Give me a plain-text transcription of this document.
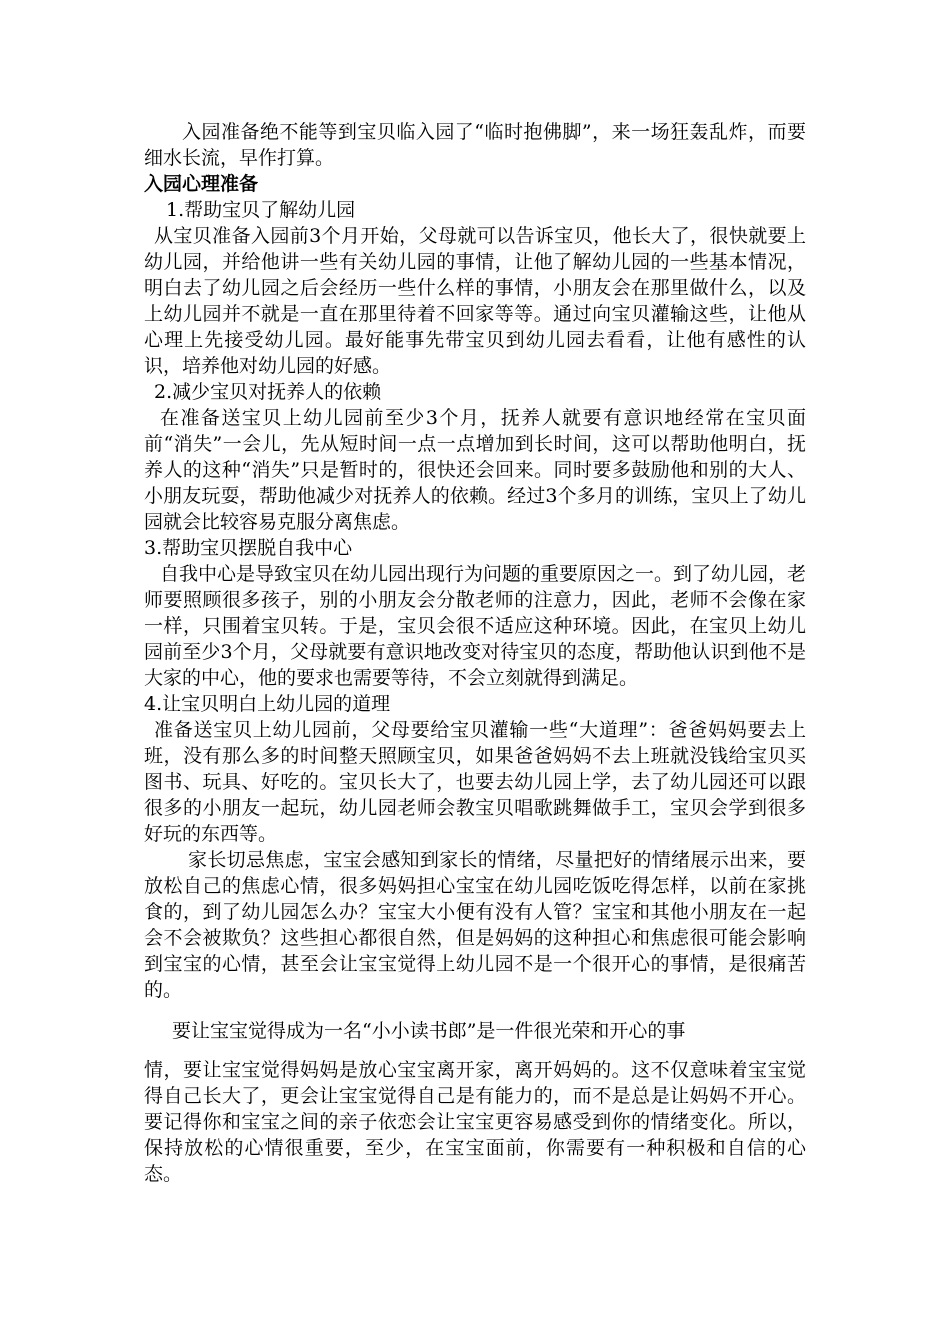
入园准备绝不能等到宝贝临入园了“临时抱佛脚”，来一场狂轰乱炸，而要细水长流，早作打算。

入园心理准备

1.帮助宝贝了解幼儿园

从宝贝准备入园前3个月开始，父母就可以告诉宝贝，他长大了，很快就要上幼儿园，并给他讲一些有关幼儿园的事情，让他了解幼儿园的一些基本情况，明白去了幼儿园之后会经历一些什么样的事情，小朋友会在那里做什么，以及上幼儿园并不就是一直在那里待着不回家等等。通过向宝贝灌输这些，让他从心理上先接受幼儿园。最好能事先带宝贝到幼儿园去看看，让他有感性的认识，培养他对幼儿园的好感。

2.减少宝贝对抚养人的依赖

在准备送宝贝上幼儿园前至少3个月，抚养人就要有意识地经常在宝贝面前“消失”一会儿，先从短时间一点一点增加到长时间，这可以帮助他明白，抚养人的这种“消失”只是暂时的，很快还会回来。同时要多鼓励他和别的大人、小朋友玩耍，帮助他减少对抚养人的依赖。经过3个多月的训练，宝贝上了幼儿园就会比较容易克服分离焦虑。

3.帮助宝贝摆脱自我中心

自我中心是导致宝贝在幼儿园出现行为问题的重要原因之一。到了幼儿园，老师要照顾很多孩子，别的小朋友会分散老师的注意力，因此，老师不会像在家一样，只围着宝贝转。于是，宝贝会很不适应这种环境。因此，在宝贝上幼儿园前至少3个月，父母就要有意识地改变对待宝贝的态度，帮助他认识到他不是大家的中心，他的要求也需要等待，不会立刻就得到满足。

4.让宝贝明白上幼儿园的道理

准备送宝贝上幼儿园前，父母要给宝贝灌输一些“大道理”：爸爸妈妈要去上班，没有那么多的时间整天照顾宝贝，如果爸爸妈妈不去上班就没钱给宝贝买图书、玩具、好吃的。宝贝长大了，也要去幼儿园上学，去了幼儿园还可以跟很多的小朋友一起玩，幼儿园老师会教宝贝唱歌跳舞做手工，宝贝会学到很多好玩的东西等。

家长切忌焦虑，宝宝会感知到家长的情绪，尽量把好的情绪展示出来，要放松自己的焦虑心情，很多妈妈担心宝宝在幼儿园吃饭吃得怎样，以前在家挑食的，到了幼儿园怎么办？宝宝大小便有没有人管？宝宝和其他小朋友在一起会不会被欺负？这些担心都很自然，但是妈妈的这种担心和焦虑很可能会影响到宝宝的心情，甚至会让宝宝觉得上幼儿园不是一个很开心的事情，是很痛苦的。

要让宝宝觉得成为一名“小小读书郎”是一件很光荣和开心的事

情，要让宝宝觉得妈妈是放心宝宝离开家，离开妈妈的。这不仅意味着宝宝觉得自己长大了，更会让宝宝觉得自己是有能力的，而不是总是让妈妈不开心。要记得你和宝宝之间的亲子依恋会让宝宝更容易感受到你的情绪变化。所以，保持放松的心情很重要，至少，在宝宝面前，你需要有一种积极和自信的心态。
